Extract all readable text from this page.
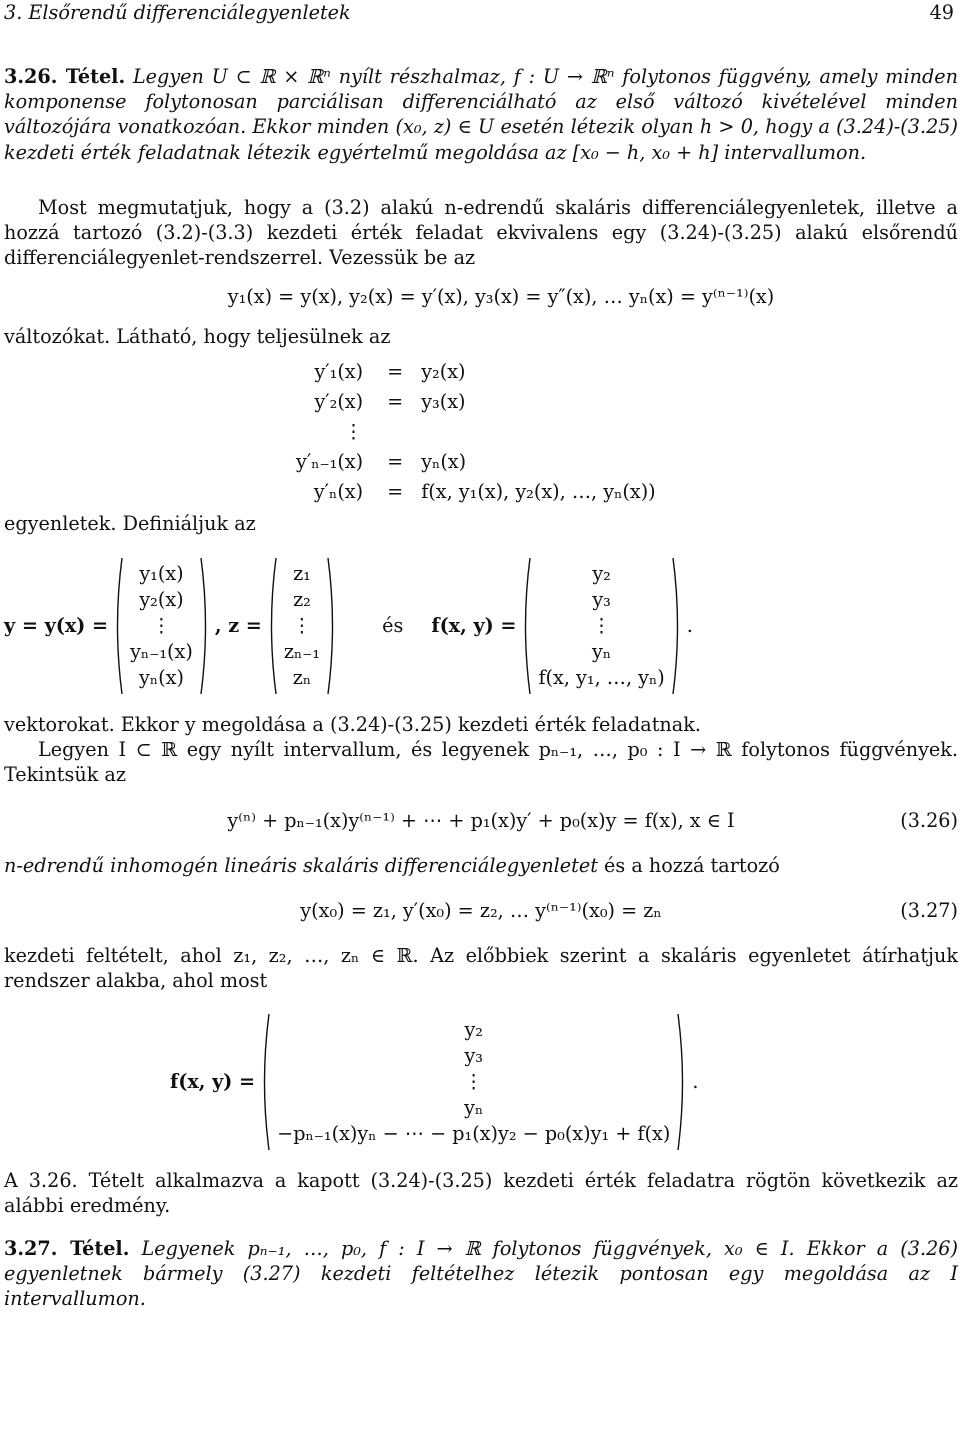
3. Elsőrendű differenciálegyenletek	49

3.26. Tétel. Legyen U ⊂ ℝ × ℝⁿ nyílt részhalmaz, f : U → ℝⁿ folytonos függvény, amely minden komponense folytonosan parciálisan differenciálható az első változó kivételével minden változójára vonatkozóan. Ekkor minden (x₀, z) ∈ U esetén létezik olyan h > 0, hogy a (3.24)-(3.25) kezdeti érték feladatnak létezik egyértelmű megoldása az [x₀ − h, x₀ + h] intervallumon.

Most megmutatjuk, hogy a (3.2) alakú n-edrendű skaláris differenciálegyenletek, illetve a hozzá tartozó (3.2)-(3.3) kezdeti érték feladat ekvivalens egy (3.24)-(3.25) alakú elsőrendű differenciálegyenlet-rendszerrel. Vezessük be az

y₁(x) = y(x), y₂(x) = y′(x), y₃(x) = y″(x), … yₙ(x) = y⁽ⁿ⁻¹⁾(x)

változókat. Látható, hogy teljesülnek az

y′₁(x)	=	y₂(x)
y′₂(x)	=	y₃(x)
⋮		
y′ₙ₋₁(x)	=	yₙ(x)
y′ₙ(x)	=	f(x, y₁(x), y₂(x), …, yₙ(x))

egyenletek. Definiáljuk az

y = y(x) =
y₁(x)
y₂(x)
⋮
yₙ₋₁(x)
yₙ(x)
, z =
z₁
z₂
⋮
zₙ₋₁
zₙ
és f(x, y) =
y₂
y₃
⋮
yₙ
f(x, y₁, …, yₙ)
.

vektorokat. Ekkor y megoldása a (3.24)-(3.25) kezdeti érték feladatnak.

Legyen I ⊂ ℝ egy nyílt intervallum, és legyenek pₙ₋₁, …, p₀ : I → ℝ folytonos függvények. Tekintsük az

y⁽ⁿ⁾ + pₙ₋₁(x)y⁽ⁿ⁻¹⁾ + ⋯ + p₁(x)y′ + p₀(x)y = f(x), x ∈ I	(3.26)

n-edrendű inhomogén lineáris skaláris differenciálegyenletet és a hozzá tartozó

y(x₀) = z₁, y′(x₀) = z₂, … y⁽ⁿ⁻¹⁾(x₀) = zₙ	(3.27)

kezdeti feltételt, ahol z₁, z₂, …, zₙ ∈ ℝ. Az előbbiek szerint a skaláris egyenletet átírhatjuk rendszer alakba, ahol most

f(x, y) =
y₂
y₃
⋮
yₙ
−pₙ₋₁(x)yₙ − ⋯ − p₁(x)y₂ − p₀(x)y₁ + f(x)
.

A 3.26. Tételt alkalmazva a kapott (3.24)-(3.25) kezdeti érték feladatra rögtön következik az alábbi eredmény.

3.27. Tétel. Legyenek pₙ₋₁, …, p₀, f : I → ℝ folytonos függvények, x₀ ∈ I. Ekkor a (3.26) egyenletnek bármely (3.27) kezdeti feltételhez létezik pontosan egy megoldása az I intervallumon.
